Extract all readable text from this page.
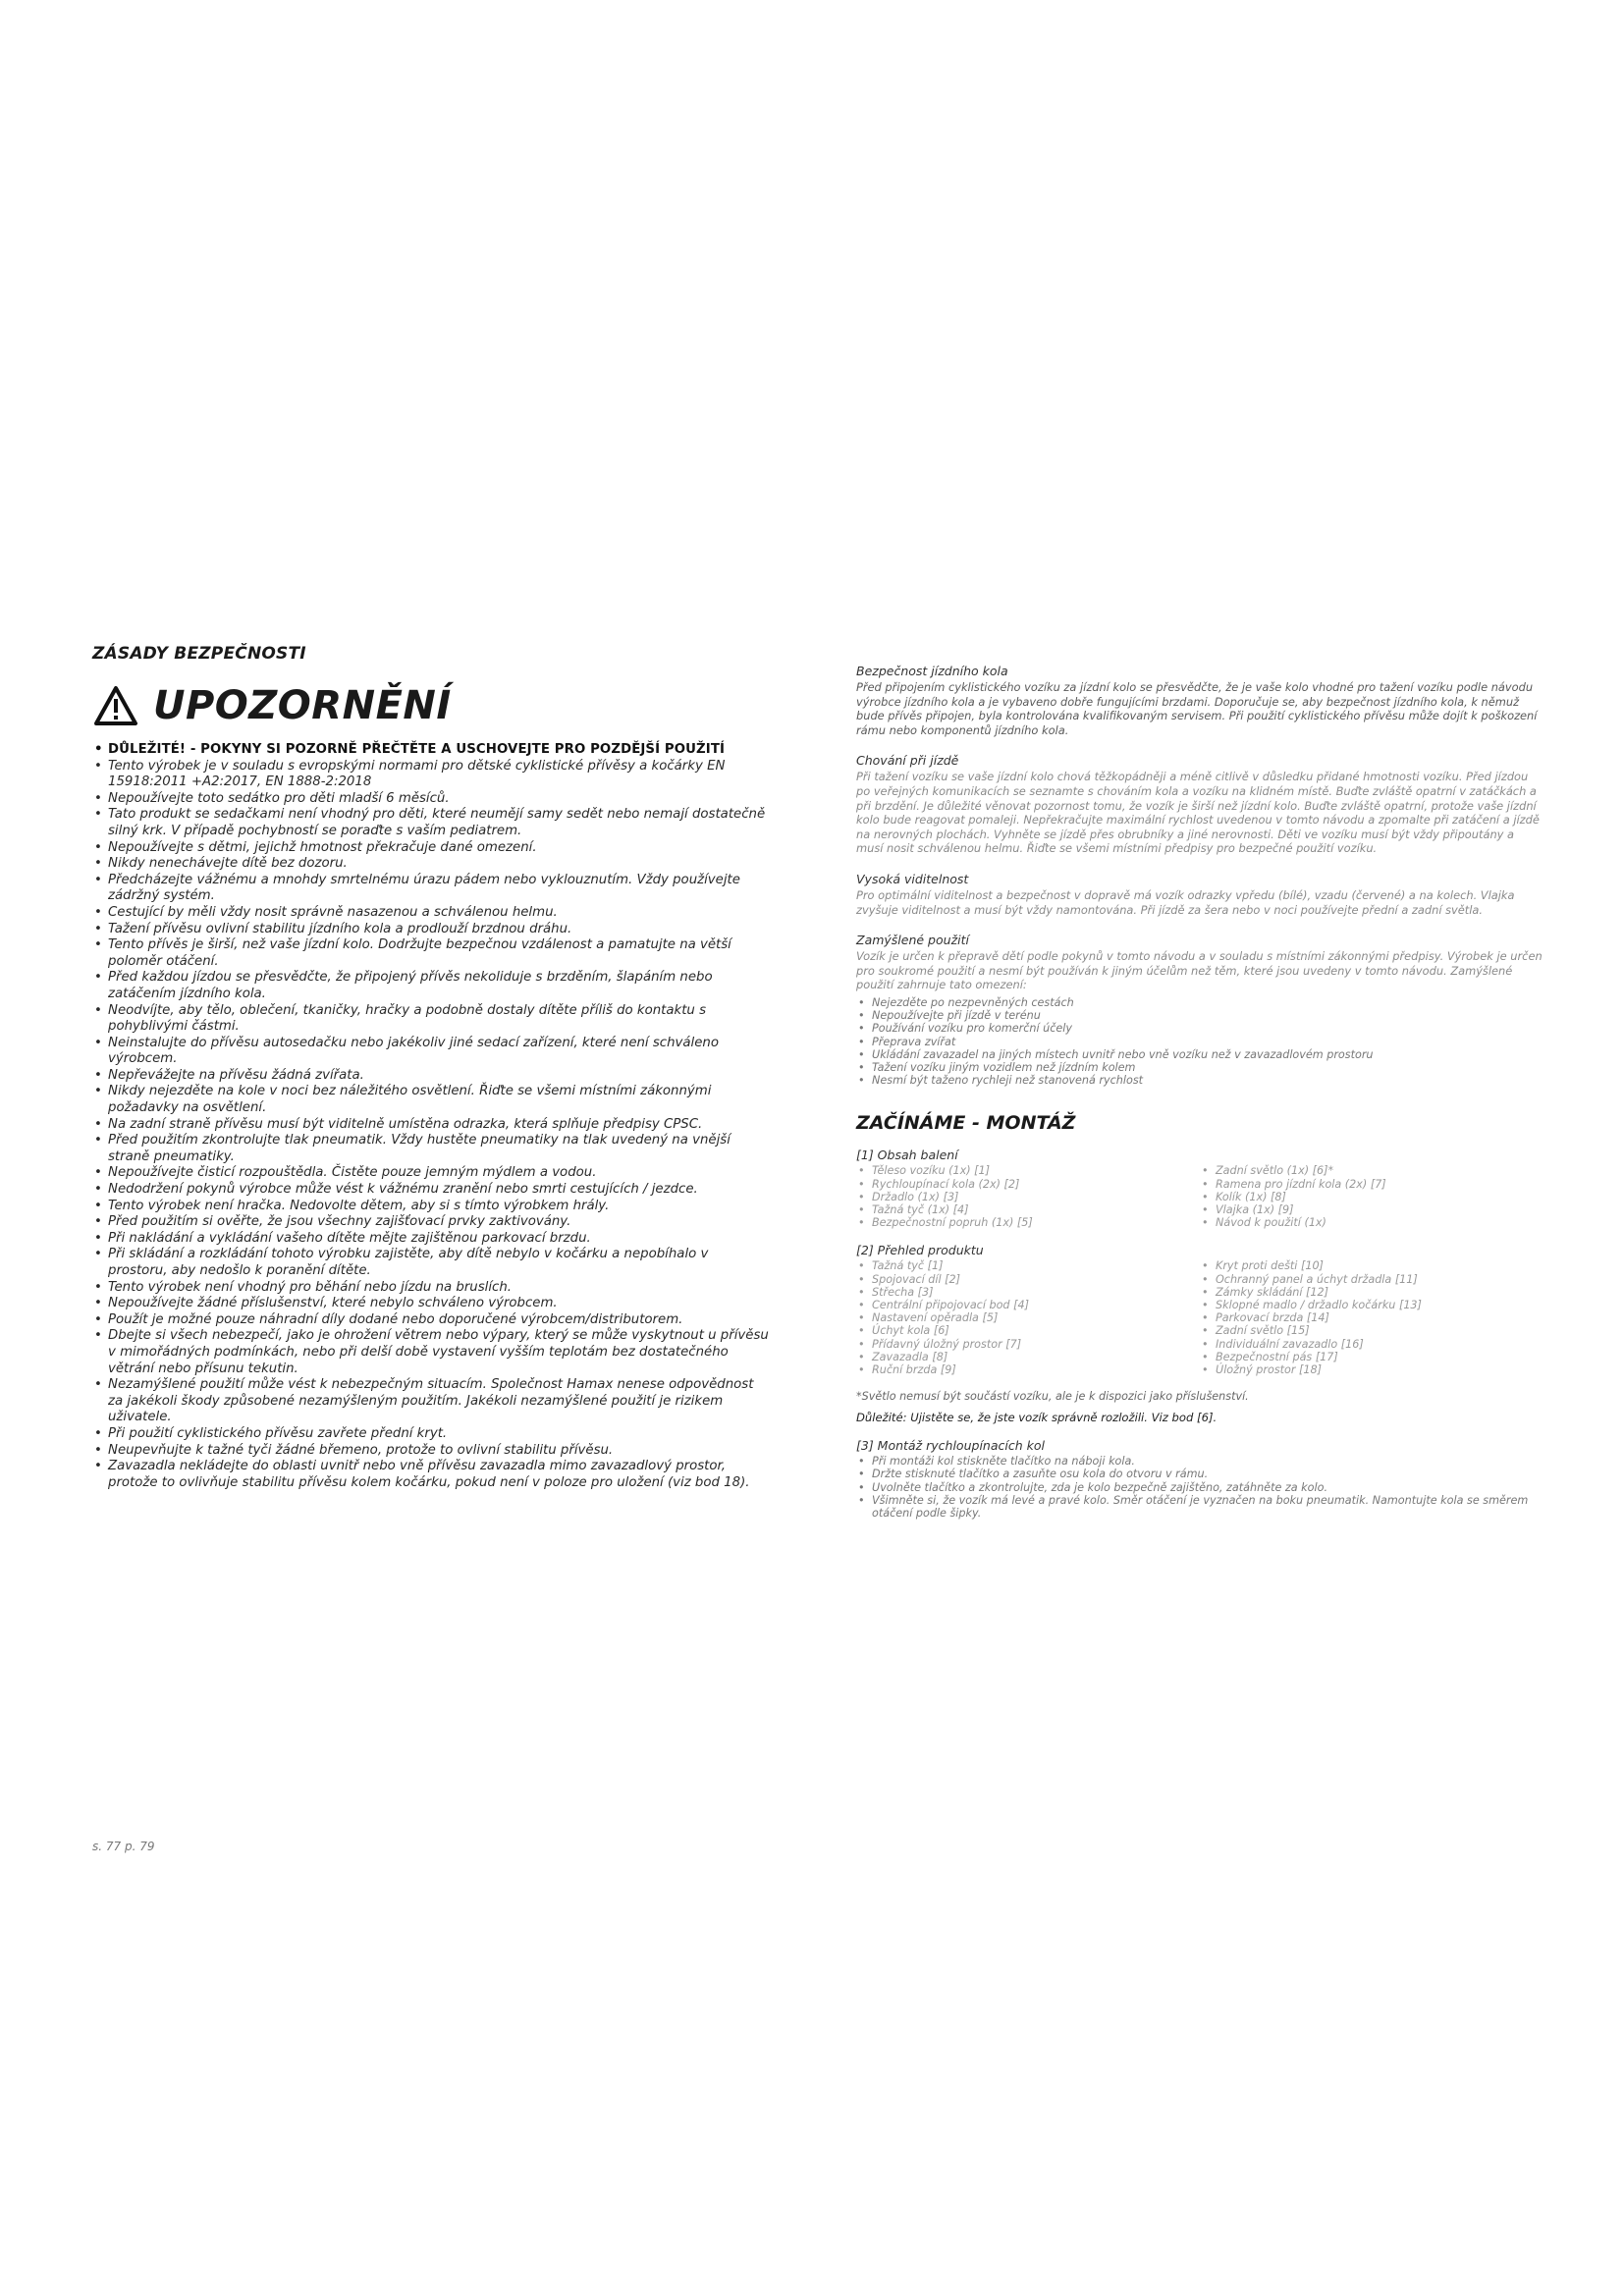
ZÁSADY BEZPEČNOSTI
UPOZORNĚNÍ
• DŮLEŽITÉ! - POKYNY SI POZORNĚ PŘEČTĚTE A USCHOVEJTE PRO POZDĚJŠÍ POUŽITÍ
• Tento výrobek je v souladu s evropskými normami pro dětské cyklistické přívěsy a kočárky EN 15918:2011 +A2:2017, EN 1888-2:2018
• Nepoužívejte toto sedátko pro děti mladší 6 měsíců.
• Tato produkt se sedačkami není vhodný pro děti, které neumějí samy sedět nebo nemají dostatečně silný krk. V případě pochybností se poraďte s vaším pediatrem.
• Nepoužívejte s dětmi, jejichž hmotnost překračuje dané omezení.
• Nikdy nenechávejte dítě bez dozoru.
• Předcházejte vážnému a mnohdy smrtelnému úrazu pádem nebo vyklouznutím. Vždy používejte zádržný systém.
• Cestující by měli vždy nosit správně nasazenou a schválenou helmu.
• Tažení přívěsu ovlivní stabilitu jízdního kola a prodlouží brzdnou dráhu.
• Tento přívěs je širší, než vaše jízdní kolo. Dodržujte bezpečnou vzdálenost a pamatujte na větší poloměr otáčení.
• Před každou jízdou se přesvědčte, že připojený přívěs nekoliduje s brzděním, šlapáním nebo zatáčením jízdního kola.
• Neodvíjte, aby tělo, oblečení, tkaničky, hračky a podobně dostaly dítěte příliš do kontaktu s pohyblivými částmi.
• Neinstalujte do přívěsu autosedačku nebo jakékoliv jiné sedací zařízení, které není schváleno výrobcem.
• Nepřevážejte na přívěsu žádná zvířata.
• Nikdy nejezděte na kole v noci bez náležitého osvětlení. Řiďte se všemi místními zákonnými požadavky na osvětlení.
• Na zadní straně přívěsu musí být viditelně umístěna odrazka, která splňuje předpisy CPSC.
• Před použitím zkontrolujte tlak pneumatik. Vždy hustěte pneumatiky na tlak uvedený na vnější straně pneumatiky.
• Nepoužívejte čisticí rozpouštědla. Čistěte pouze jemným mýdlem a vodou.
• Nedodržení pokynů výrobce může vést k vážnému zranění nebo smrti cestujících / jezdce.
• Tento výrobek není hračka. Nedovolte dětem, aby si s tímto výrobkem hrály.
• Před použitím si ověřte, že jsou všechny zajišťovací prvky zaktivovány.
• Při nakládání a vykládání vašeho dítěte mějte zajištěnou parkovací brzdu.
• Při skládání a rozkládání tohoto výrobku zajistěte, aby dítě nebylo v kočárku a nepobíhalo v prostoru, aby nedošlo k poranění dítěte.
• Tento výrobek není vhodný pro běhání nebo jízdu na bruslích.
• Nepoužívejte žádné příslušenství, které nebylo schváleno výrobcem.
• Použít je možné pouze náhradní díly dodané nebo doporučené výrobcem/distributorem.
• Dbejte si všech nebezpečí, jako je ohrožení větrem nebo výpary, který se může vyskytnout u přívěsu v mimořádných podmínkách, nebo při delší době vystavení vyšším teplotám bez dostatečného větrání nebo přísunu tekutin.
• Nezamýšlené použití může vést k nebezpečným situacím. Společnost Hamax nenese odpovědnost za jakékoli škody způsobené nezamýšleným použitím. Jakékoli nezamýšlené použití je rizikem uživatele.
• Při použití cyklistického přívěsu zavřete přední kryt.
• Neupevňujte k tažné tyči žádné břemeno, protože to ovlivní stabilitu přívěsu.
• Zavazadla nekládejte do oblasti uvnitř nebo vně přívěsu zavazadla mimo zavazadlový prostor, protože to ovlivňuje stabilitu přívěsu kolem kočárku, pokud není v poloze pro uložení (viz bod 18).
s. 77 p. 79
Bezpečnost jízdního kola
Před připojením cyklistického vozíku za jízdní kolo se přesvědčte, že je vaše kolo vhodné pro tažení vozíku podle návodu výrobce jízdního kola a je vybaveno dobře fungujícími brzdami. Doporučuje se, aby bezpečnost jízdního kola, k němuž bude přívěs připojen, byla kontrolována kvalifikovaným servisem. Při použití cyklistického přívěsu může dojít k poškození rámu nebo komponentů jízdního kola.
Chování při jízdě
Při tažení vozíku se vaše jízdní kolo chová těžkopádněji a méně citlivě v důsledku přidané hmotnosti vozíku. Před jízdou po veřejných komunikacích se seznamte s chováním kola a vozíku na klidném místě. Buďte zvláště opatrní v zatáčkách a při brzdění. Je důležité věnovat pozornost tomu, že vozík je širší než jízdní kolo. Buďte zvláště opatrní, protože vaše jízdní kolo bude reagovat pomaleji. Nepřekračujte maximální rychlost uvedenou v tomto návodu a zpomalte při zatáčení a jízdě na nerovných plochách. Vyhněte se jízdě přes obrubníky a jiné nerovnosti. Děti ve vozíku musí být vždy připoutány a musí nosit schválenou helmu. Řiďte se všemi místními předpisy pro bezpečné použití vozíku.
Vysoká viditelnost
Pro optimální viditelnost a bezpečnost v dopravě má vozík odrazky vpředu (bílé), vzadu (červené) a na kolech. Vlajka zvyšuje viditelnost a musí být vždy namontována. Při jízdě za šera nebo v noci používejte přední a zadní světla.
Zamýšlené použití
Vozík je určen k přepravě dětí podle pokynů v tomto návodu a v souladu s místními zákonnými předpisy. Výrobek je určen pro soukromé použití a nesmí být používán k jiným účelům než těm, které jsou uvedeny v tomto návodu. Zamýšlené použití zahrnuje tato omezení:
• Nejezděte po nezpevněných cestách
• Nepoužívejte při jízdě v terénu
• Používání vozíku pro komerční účely
• Přeprava zvířat
• Ukládání zavazadel na jiných místech uvnitř nebo vně vozíku než v zavazadlovém prostoru
• Tažení vozíku jiným vozidlem než jízdním kolem
• Nesmí být taženo rychleji než stanovená rychlost
ZAČÍNÁME - MONTÁŽ
[1] Obsah balení
• Těleso vozíku (1x) [1]
• Rychloupínací kola (2x) [2]
• Držadlo (1x) [3]
• Tažná tyč (1x) [4]
• Bezpečnostní popruh (1x) [5]
• Zadní světlo (1x) [6]*
• Ramena pro jízdní kola (2x) [7]
• Kolík (1x) [8]
• Vlajka (1x) [9]
• Návod k použití (1x)
[2] Přehled produktu
• Tažná tyč [1]
• Spojovací díl [2]
• Střecha [3]
• Centrální připojovací bod [4]
• Nastavení opěradla [5]
• Úchyt kola [6]
• Přídavný úložný prostor [7]
• Zavazadla [8]
• Ruční brzda [9]
• Kryt proti dešti [10]
• Ochranný panel a úchyt držadla [11]
• Zámky skládání [12]
• Sklopné madlo / držadlo kočárku [13]
• Parkovací brzda [14]
• Zadní světlo [15]
• Individuální zavazadlo [16]
• Bezpečnostní pás [17]
• Úložný prostor [18]
*Světlo nemusí být součástí vozíku, ale je k dispozici jako příslušenství.
Důležité: Ujistěte se, že jste vozík správně rozložili. Viz bod [6].
[3] Montáž rychloupínacích kol
• Při montáži kol stiskněte tlačítko na náboji kola.
• Držte stisknuté tlačítko a zasuňte osu kola do otvoru v rámu.
• Uvolněte tlačítko a zkontrolujte, zda je kolo bezpečně zajištěno, zatáhněte za kolo.
• Všimněte si, že vozík má levé a pravé kolo. Směr otáčení je vyznačen na boku pneumatik. Namontujte kola se směrem otáčení podle šipky.
